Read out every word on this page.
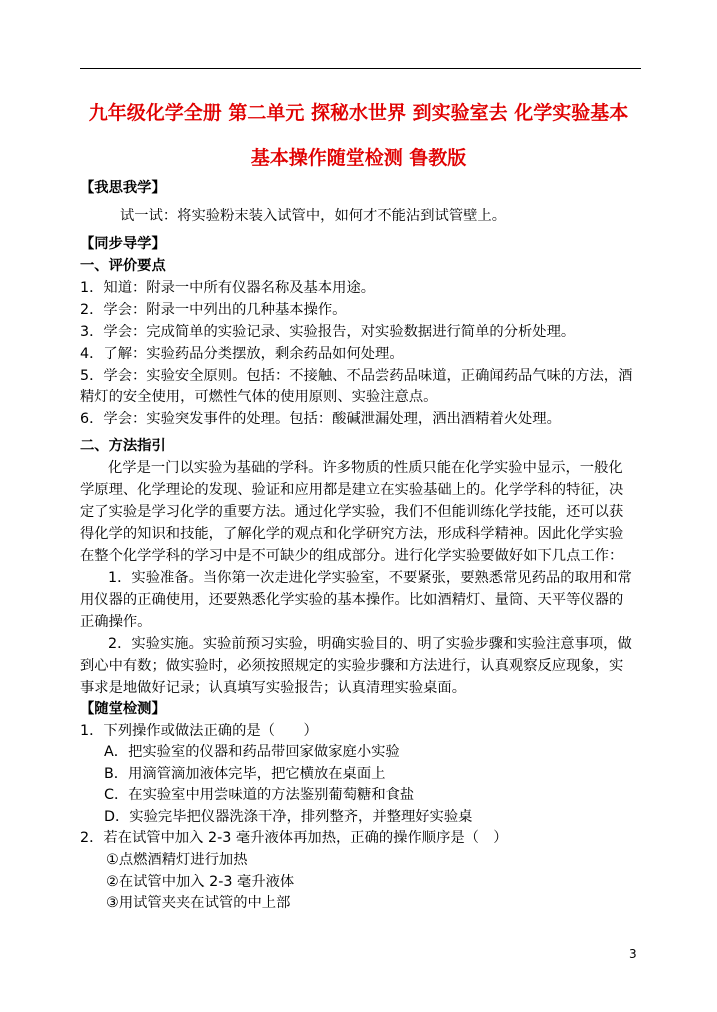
九年级化学全册 第二单元 探秘水世界 到实验室去 化学实验基本
基本操作随堂检测 鲁教版
【我思我学】
试一试：将实验粉末装入试管中，如何才不能沾到试管壁上。
【同步导学】
一、评价要点
1．知道：附录一中所有仪器名称及基本用途。
2．学会：附录一中列出的几种基本操作。
3．学会：完成简单的实验记录、实验报告，对实验数据进行简单的分析处理。
4．了解：实验药品分类摆放，剩余药品如何处理。
5．学会：实验安全原则。包括：不接触、不品尝药品味道，正确闻药品气味的方法，酒
精灯的安全使用，可燃性气体的使用原则、实验注意点。
6．学会：实验突发事件的处理。包括：酸碱泄漏处理，洒出酒精着火处理。
二、方法指引
化学是一门以实验为基础的学科。许多物质的性质只能在化学实验中显示，一般化
学原理、化学理论的发现、验证和应用都是建立在实验基础上的。化学学科的特征，决
定了实验是学习化学的重要方法。通过化学实验，我们不但能训练化学技能，还可以获
得化学的知识和技能，了解化学的观点和化学研究方法，形成科学精神。因此化学实验
在整个化学学科的学习中是不可缺少的组成部分。进行化学实验要做好如下几点工作：
1．实验准备。当你第一次走进化学实验室，不要紧张，要熟悉常见药品的取用和常
用仪器的正确使用，还要熟悉化学实验的基本操作。比如酒精灯、量筒、天平等仪器的
正确操作。
2．实验实施。实验前预习实验，明确实验目的、明了实验步骤和实验注意事项，做
到心中有数；做实验时，必须按照规定的实验步骤和方法进行，认真观察反应现象，实
事求是地做好记录；认真填写实验报告；认真清理实验桌面。
【随堂检测】
1．下列操作或做法正确的是（　　）
A．把实验室的仪器和药品带回家做家庭小实验
B．用滴管滴加液体完毕，把它横放在桌面上
C．在实验室中用尝味道的方法鉴别葡萄糖和食盐
D．实验完毕把仪器洗涤干净，排列整齐，并整理好实验桌
2．若在试管中加入 2-3 毫升液体再加热，正确的操作顺序是（　）
①点燃酒精灯进行加热
②在试管中加入 2-3 毫升液体
③用试管夹夹在试管的中上部
3
